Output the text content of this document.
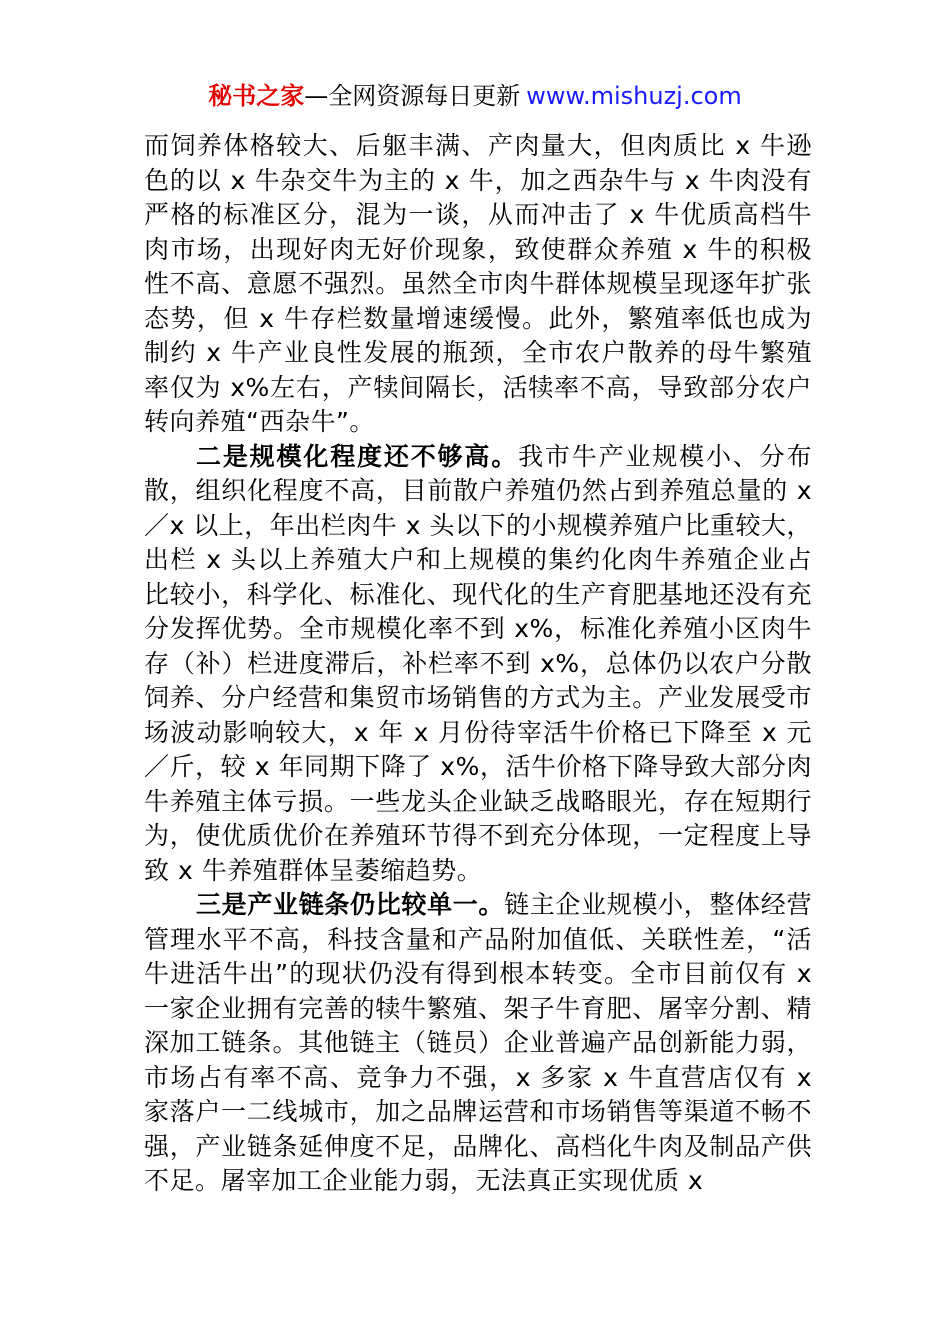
秘书之家—全网资源每日更新 www.mishuzj.com

而饲养体格较大、后躯丰满、产肉量大，但肉质比 x 牛逊色的以 x 牛杂交牛为主的 x 牛，加之西杂牛与 x 牛肉没有严格的标准区分，混为一谈，从而冲击了 x 牛优质高档牛肉市场，出现好肉无好价现象，致使群众养殖 x 牛的积极性不高、意愿不强烈。虽然全市肉牛群体规模呈现逐年扩张态势，但 x 牛存栏数量增速缓慢。此外，繁殖率低也成为制约 x 牛产业良性发展的瓶颈，全市农户散养的母牛繁殖率仅为 x%左右，产犊间隔长，活犊率不高，导致部分农户转向养殖“西杂牛”。

二是规模化程度还不够高。我市牛产业规模小、分布散，组织化程度不高，目前散户养殖仍然占到养殖总量的 x ／x 以上，年出栏肉牛 x 头以下的小规模养殖户比重较大，出栏 x 头以上养殖大户和上规模的集约化肉牛养殖企业占比较小，科学化、标准化、现代化的生产育肥基地还没有充分发挥优势。全市规模化率不到 x%，标准化养殖小区肉牛存（补）栏进度滞后，补栏率不到 x%，总体仍以农户分散饲养、分户经营和集贸市场销售的方式为主。产业发展受市场波动影响较大，x 年 x 月份待宰活牛价格已下降至 x 元／斤，较 x 年同期下降了 x%，活牛价格下降导致大部分肉牛养殖主体亏损。一些龙头企业缺乏战略眼光，存在短期行为，使优质优价在养殖环节得不到充分体现，一定程度上导致 x 牛养殖群体呈萎缩趋势。

三是产业链条仍比较单一。链主企业规模小，整体经营管理水平不高，科技含量和产品附加值低、关联性差，“活牛进活牛出”的现状仍没有得到根本转变。全市目前仅有 x 一家企业拥有完善的犊牛繁殖、架子牛育肥、屠宰分割、精深加工链条。其他链主（链员）企业普遍产品创新能力弱，市场占有率不高、竞争力不强，x 多家 x 牛直营店仅有 x 家落户一二线城市，加之品牌运营和市场销售等渠道不畅不强，产业链条延伸度不足，品牌化、高档化牛肉及制品产供不足。屠宰加工企业能力弱，无法真正实现优质 x
